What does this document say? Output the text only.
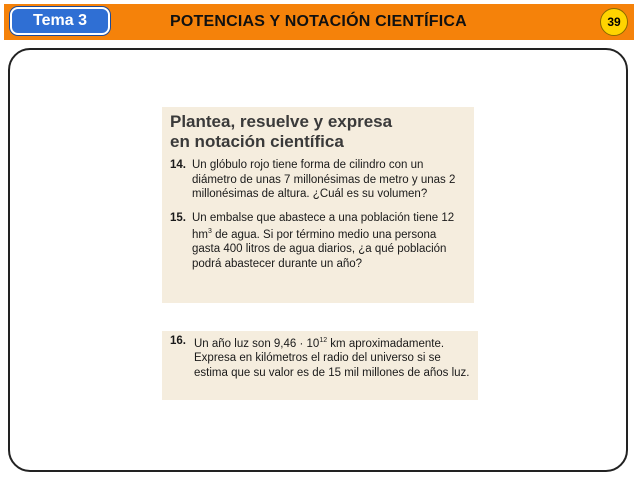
Tema 3	POTENCIAS Y NOTACIÓN CIENTÍFICA	39
Plantea, resuelve y expresa
en notación científica
14. Un glóbulo rojo tiene forma de cilindro con un diámetro de unas 7 millonésimas de metro y unas 2 millonésimas de altura. ¿Cuál es su volumen?
15. Un embalse que abastece a una población tiene 12 $hm^3$ de agua. Si por término medio una persona gasta 400 litros de agua diarios, ¿a qué población podrá abastecer durante un año?
16. Un año luz son $9,46 \cdot 10^{12}$ km aproximadamente. Expresa en kilómetros el radio del universo si se estima que su valor es de 15 mil millones de años luz.
